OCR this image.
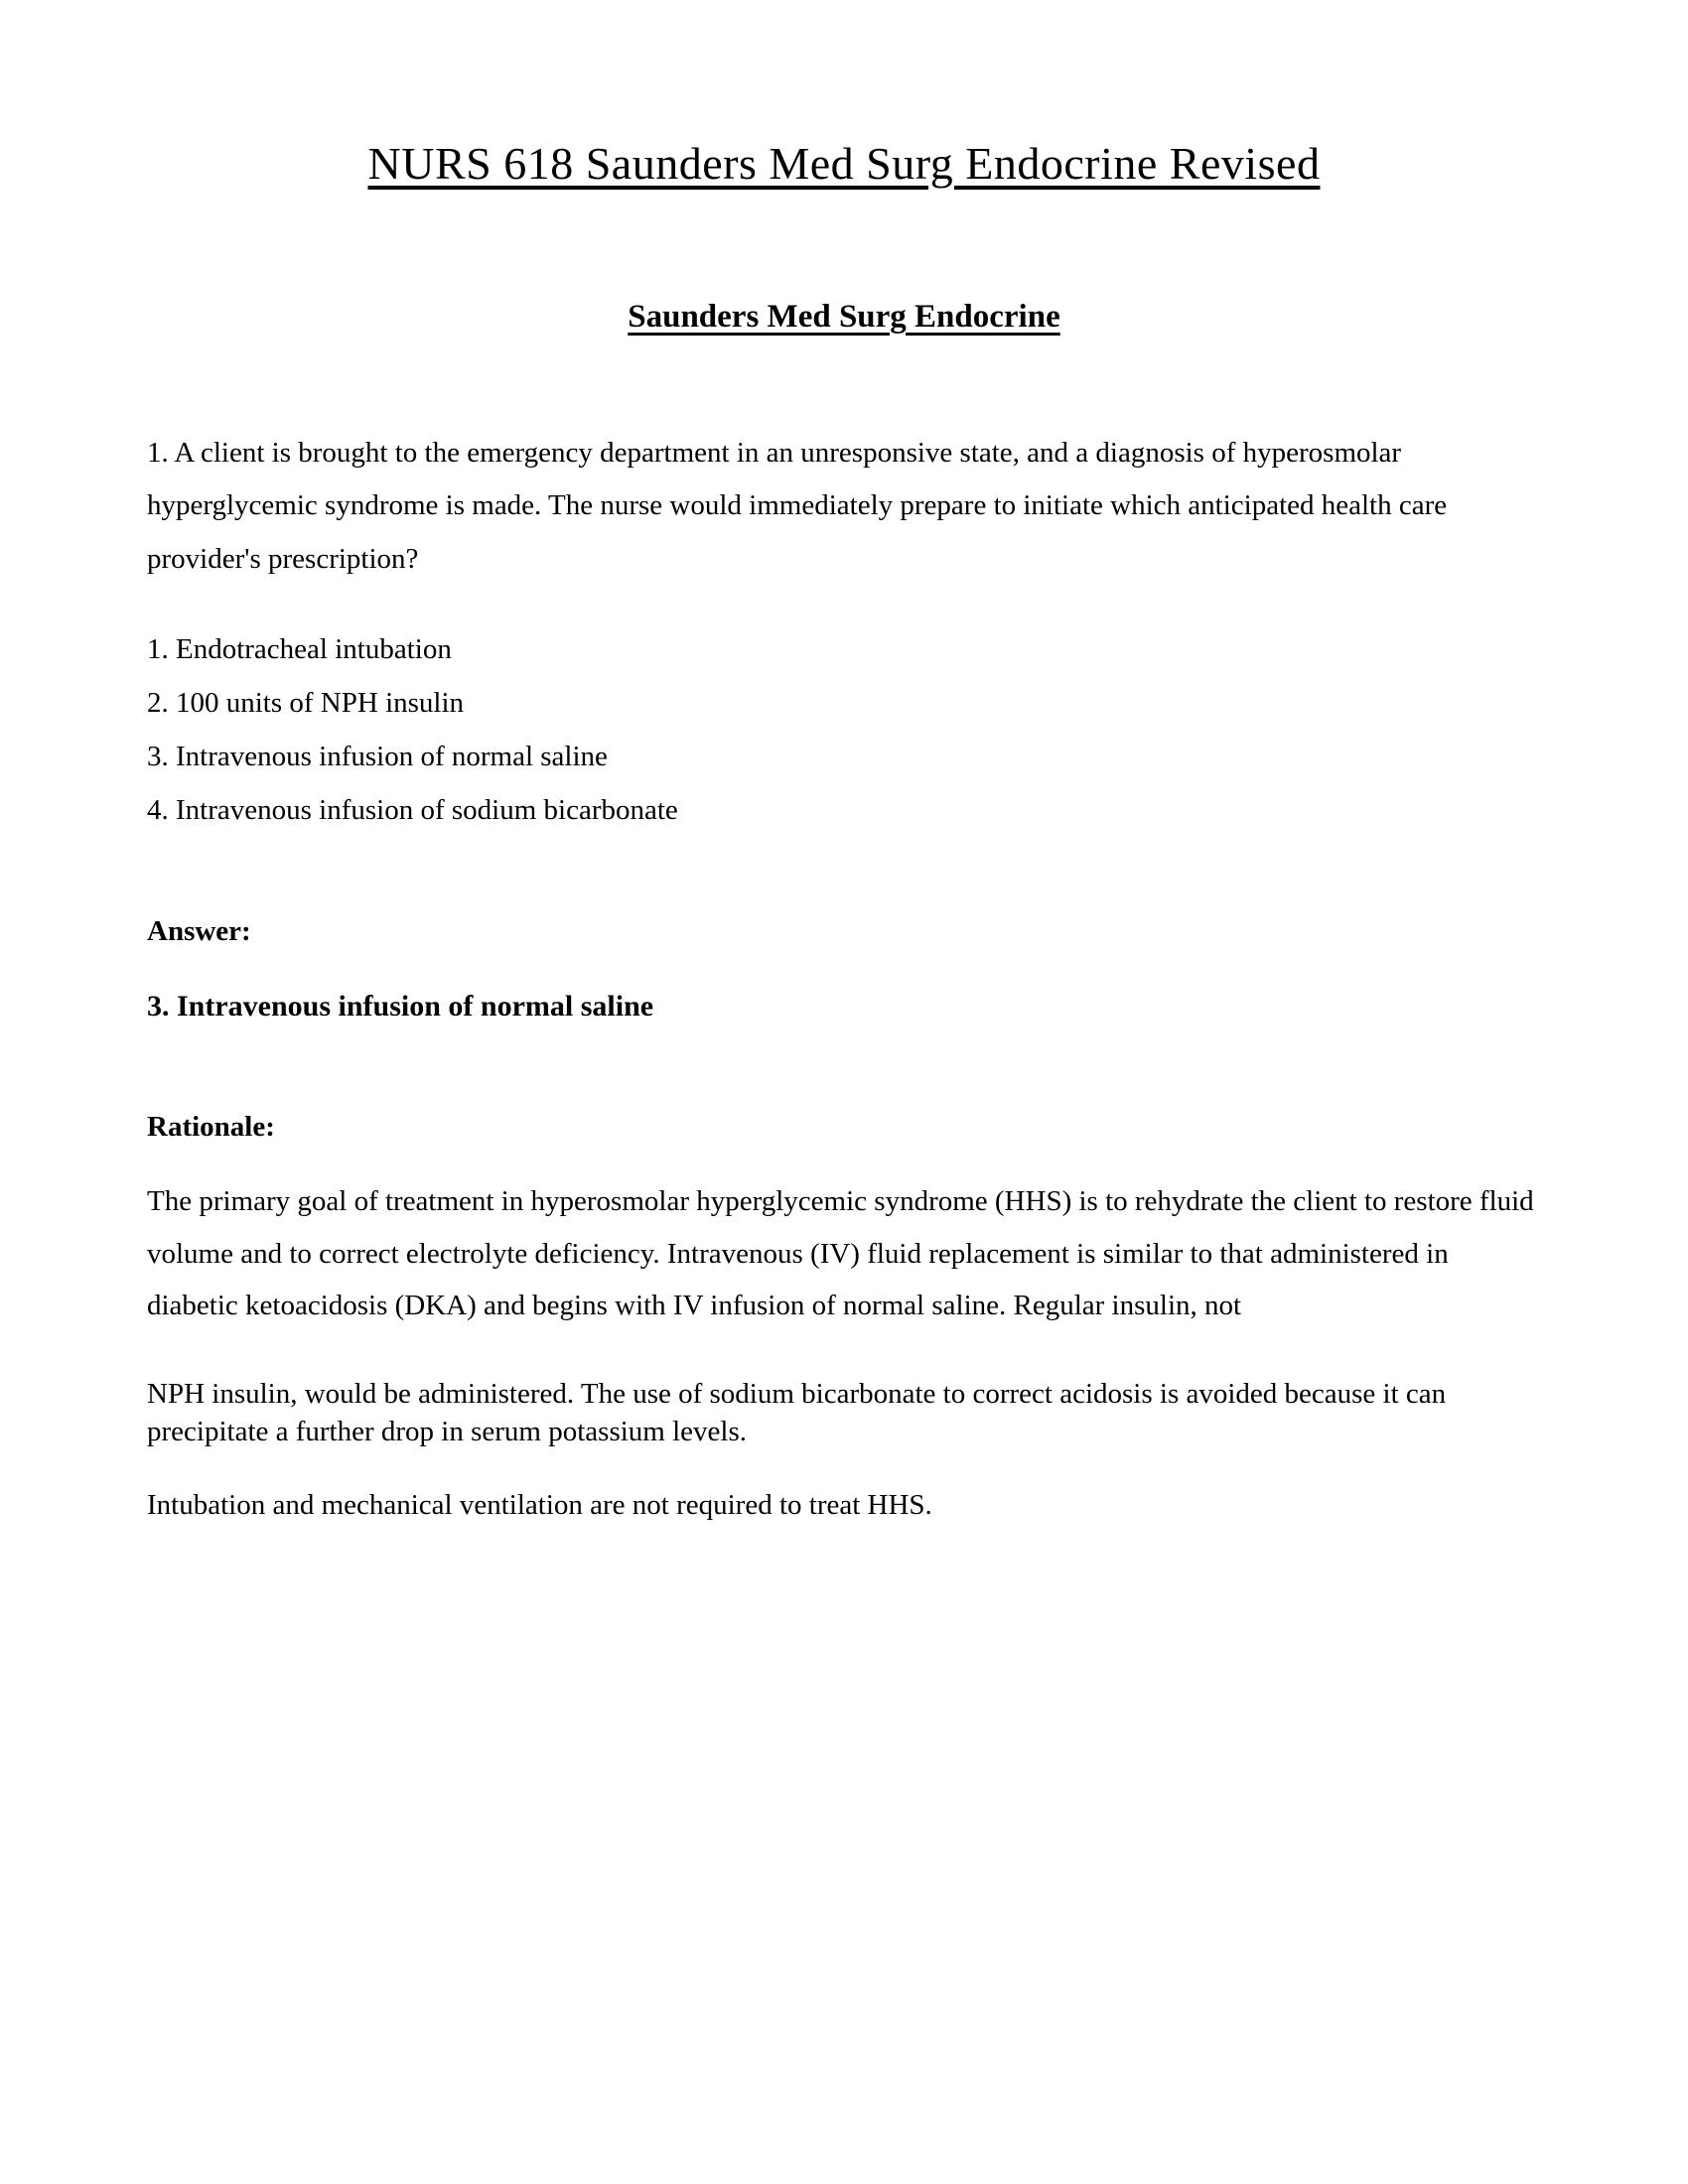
NURS 618 Saunders Med Surg Endocrine Revised
Saunders Med Surg Endocrine

1. A client is brought to the emergency department in an unresponsive state, and a diagnosis of hyperosmolar hyperglycemic syndrome is made. The nurse would immediately prepare to initiate which anticipated health care provider's prescription?

1. Endotracheal intubation

2. 100 units of NPH insulin

3. Intravenous infusion of normal saline

4. Intravenous infusion of sodium bicarbonate

Answer:

3. Intravenous infusion of normal saline

Rationale:

The primary goal of treatment in hyperosmolar hyperglycemic syndrome (HHS) is to rehydrate the client to restore fluid volume and to correct electrolyte deficiency. Intravenous (IV) fluid replacement is similar to that administered in diabetic ketoacidosis (DKA) and begins with IV infusion of normal saline. Regular insulin, not

NPH insulin, would be administered. The use of sodium bicarbonate to correct acidosis is avoided because it can precipitate a further drop in serum potassium levels.

Intubation and mechanical ventilation are not required to treat HHS.
